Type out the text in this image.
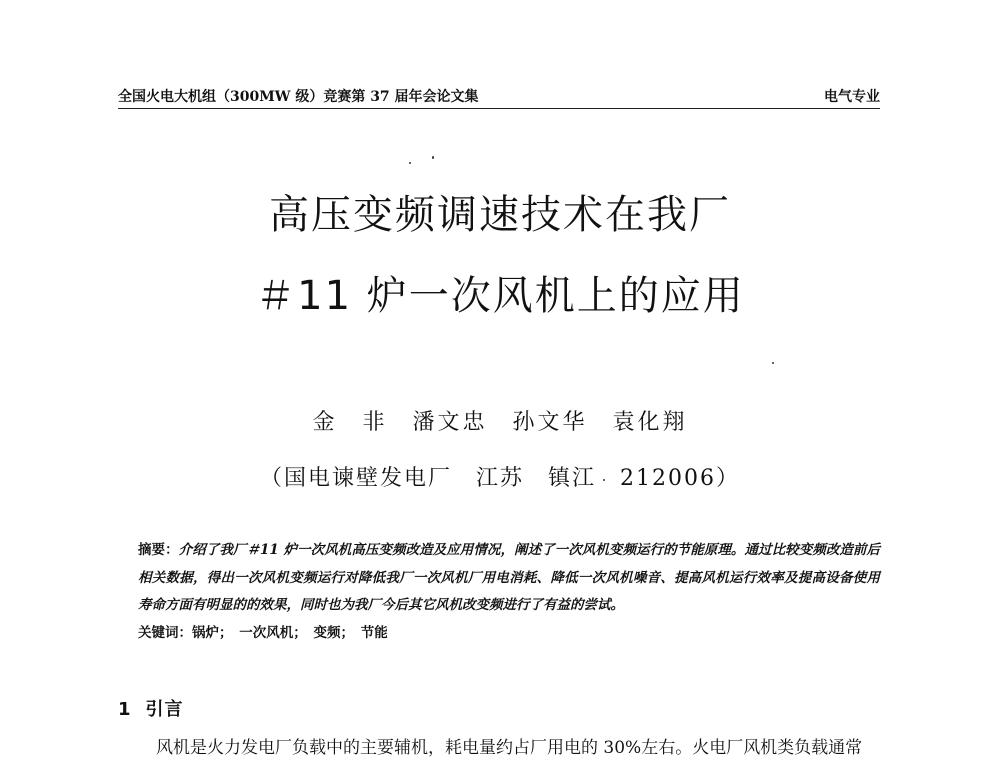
全国火电大机组（300MW 级）竞赛第 37 届年会论文集	电气专业
高压变频调速技术在我厂
＃11 炉一次风机上的应用
金　非　潘文忠　孙文华　袁化翔
（国电谏壁发电厂　江苏　镇江　212006）
摘要：介绍了我厂＃11 炉一次风机高压变频改造及应用情况，阐述了一次风机变频运行的节能原理。通过比较变频改造前后相关数据，得出一次风机变频运行对降低我厂一次风机厂用电消耗、降低一次风机噪音、提高风机运行效率及提高设备使用寿命方面有明显的的效果，同时也为我厂今后其它风机改变频进行了有益的尝试。
关键词：锅炉；　一次风机；　变频；　节能
1 引言
风机是火力发电厂负载中的主要辅机，耗电量约占厂用电的 30%左右。火电厂风机类负载通常
